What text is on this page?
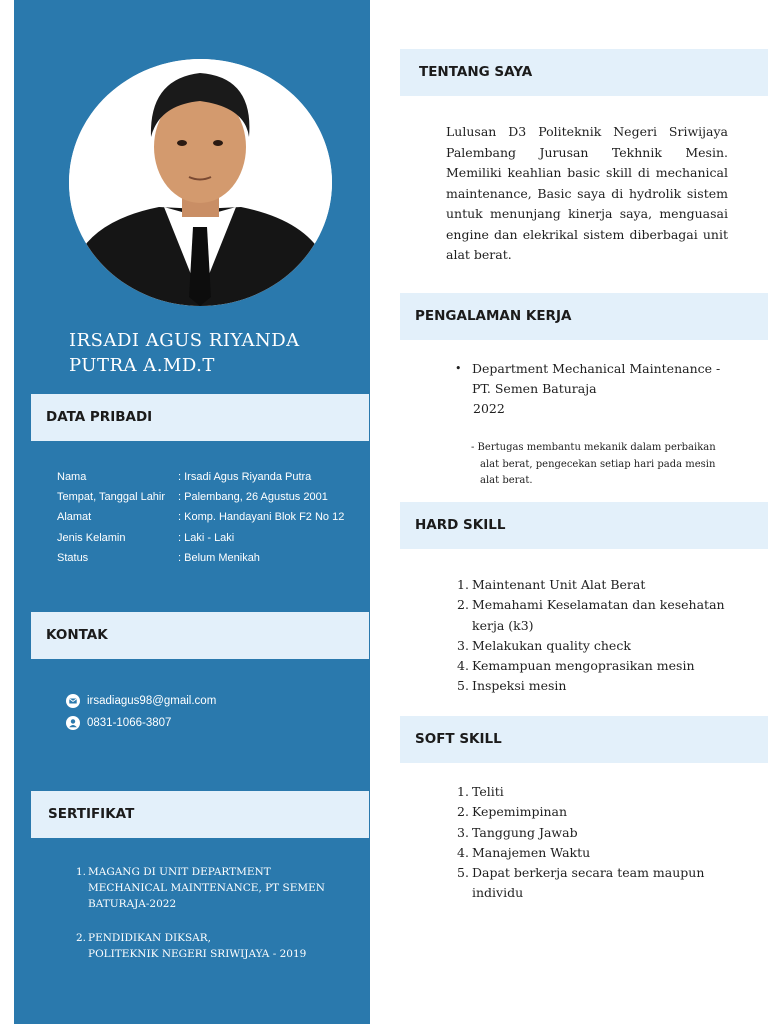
IRSADI AGUS RIYANDA
PUTRA A.MD.T
DATA PRIBADI
Nama	: Irsadi Agus Riyanda Putra
Tempat, Tanggal Lahir : Palembang, 26 Agustus 2001
Alamat	: Komp. Handayani Blok F2 No 12
Jenis Kelamin	: Laki - Laki
Status	: Belum Menikah
KONTAK
irsadiagus98@gmail.com
0831-1066-3807
SERTIFIKAT
1. MAGANG DI UNIT DEPARTMENT
MECHANICAL MAINTENANCE, PT SEMEN
BATURAJA-2022
2. PENDIDIKAN DIKSAR,
POLITEKNIK NEGERI SRIWIJAYA - 2019
TENTANG SAYA
Lulusan D3 Politeknik Negeri Sriwijaya Palembang Jurusan Tekhnik Mesin. Memiliki keahlian basic skill di mechanical maintenance, Basic saya di hydrolik sistem untuk menunjang kinerja saya, menguasai engine dan elekrikal sistem diberbagai unit alat berat.
PENGALAMAN KERJA
• Department Mechanical Maintenance -
PT. Semen Baturaja
2022
- Bertugas membantu mekanik dalam perbaikan
alat berat, pengecekan setiap hari pada mesin
alat berat.
HARD SKILL
1. Maintenant Unit Alat Berat
2. Memahami Keselamatan dan kesehatan
kerja (k3)
3. Melakukan quality check
4. Kemampuan mengoprasikan mesin
5. Inspeksi mesin
SOFT SKILL
1. Teliti
2. Kepemimpinan
3. Tanggung Jawab
4. Manajemen Waktu
5. Dapat berkerja secara team maupun
individu
